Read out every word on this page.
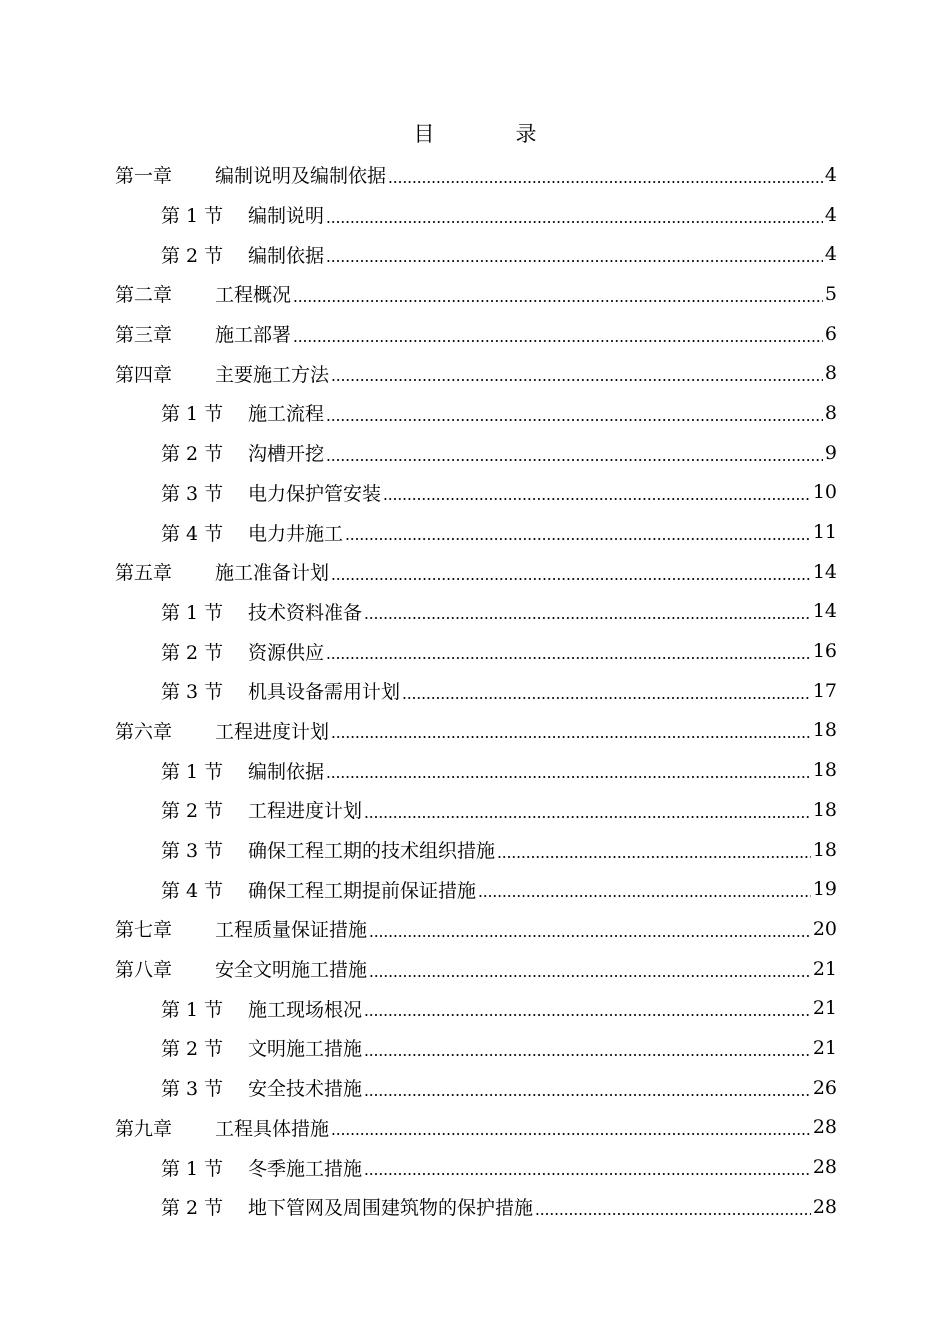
目　录
第一章	编制说明及编制依据	4
第 1 节	编制说明	4
第 2 节	编制依据	4
第二章	工程概况	5
第三章	施工部署	6
第四章	主要施工方法	8
第 1 节	施工流程	8
第 2 节	沟槽开挖	9
第 3 节	电力保护管安装	10
第 4 节	电力井施工	11
第五章	施工准备计划	14
第 1 节	技术资料准备	14
第 2 节	资源供应	16
第 3 节	机具设备需用计划	17
第六章	工程进度计划	18
第 1 节	编制依据	18
第 2 节	工程进度计划	18
第 3 节	确保工程工期的技术组织措施	18
第 4 节	确保工程工期提前保证措施	19
第七章	工程质量保证措施	20
第八章	安全文明施工措施	21
第 1 节	施工现场根况	21
第 2 节	文明施工措施	21
第 3 节	安全技术措施	26
第九章	工程具体措施	28
第 1 节	冬季施工措施	28
第 2 节	地下管网及周围建筑物的保护措施	28
